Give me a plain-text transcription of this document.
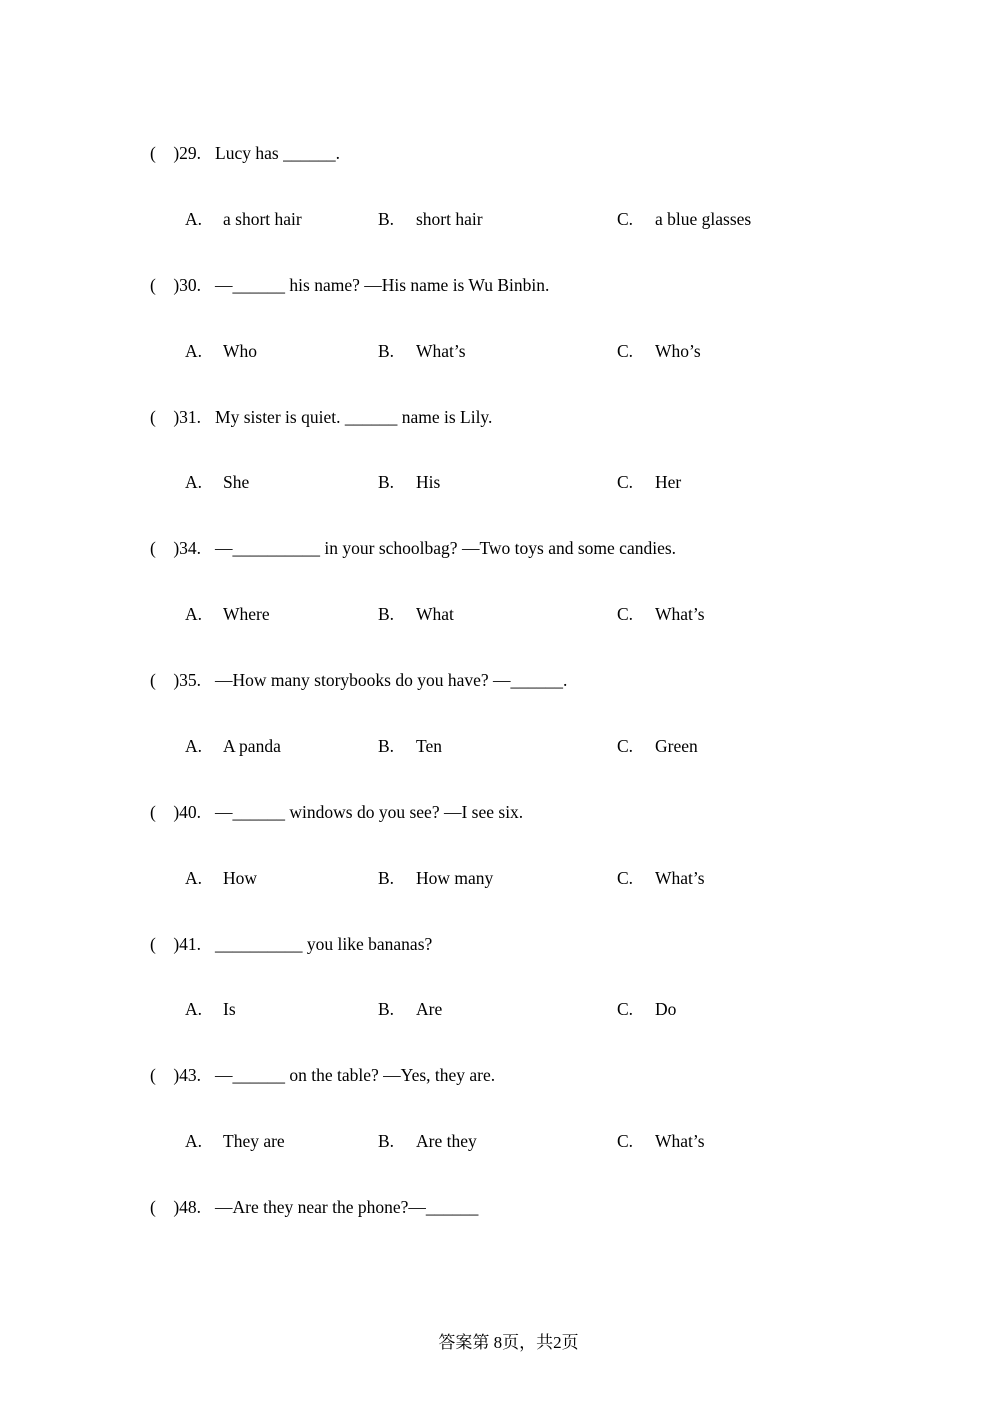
(    )29. Lucy has ______.
A. a short hair	B. short hair	C. a blue glasses
(    )30. —______ his name? —His name is Wu Binbin.
A. Who	B. What’s	C. Who’s
(    )31. My sister is quiet. ______ name is Lily.
A. She	B. His	C. Her
(    )34. —__________ in your schoolbag? —Two toys and some candies.
A. Where	B. What	C. What’s
(    )35. —How many storybooks do you have? —______.
A. A panda	B. Ten	C. Green
(    )40. —______ windows do you see? —I see six.
A. How	B. How many	C. What’s
(    )41. __________ you like bananas?
A. Is	B. Are	C. Do
(    )43. —______ on the table? —Yes, they are.
A. They are	B. Are they	C. What’s
(    )48. —Are they near the phone?—______

答案第 8页，共2页
